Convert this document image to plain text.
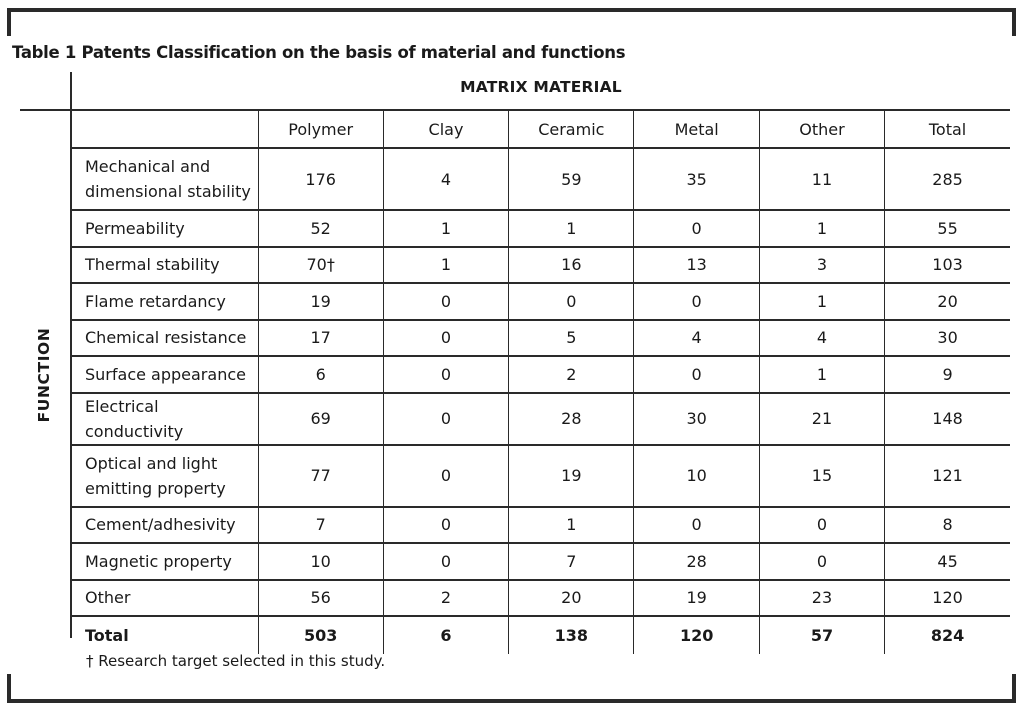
Table 1 Patents Classification on the basis of material and functions
MATRIX MATERIAL
FUNCTION
	Polymer	Clay	Ceramic	Metal	Other	Total
Mechanical and dimensional stability	176	4	59	35	11	285
Permeability	52	1	1	0	1	55
Thermal stability	70†	1	16	13	3	103
Flame retardancy	19	0	0	0	1	20
Chemical resistance	17	0	5	4	4	30
Surface appearance	6	0	2	0	1	9
Electrical conductivity	69	0	28	30	21	148
Optical and light emitting property	77	0	19	10	15	121
Cement/adhesivity	7	0	1	0	0	8
Magnetic property	10	0	7	28	0	45
Other	56	2	20	19	23	120
Total	503	6	138	120	57	824
† Research target selected in this study.
